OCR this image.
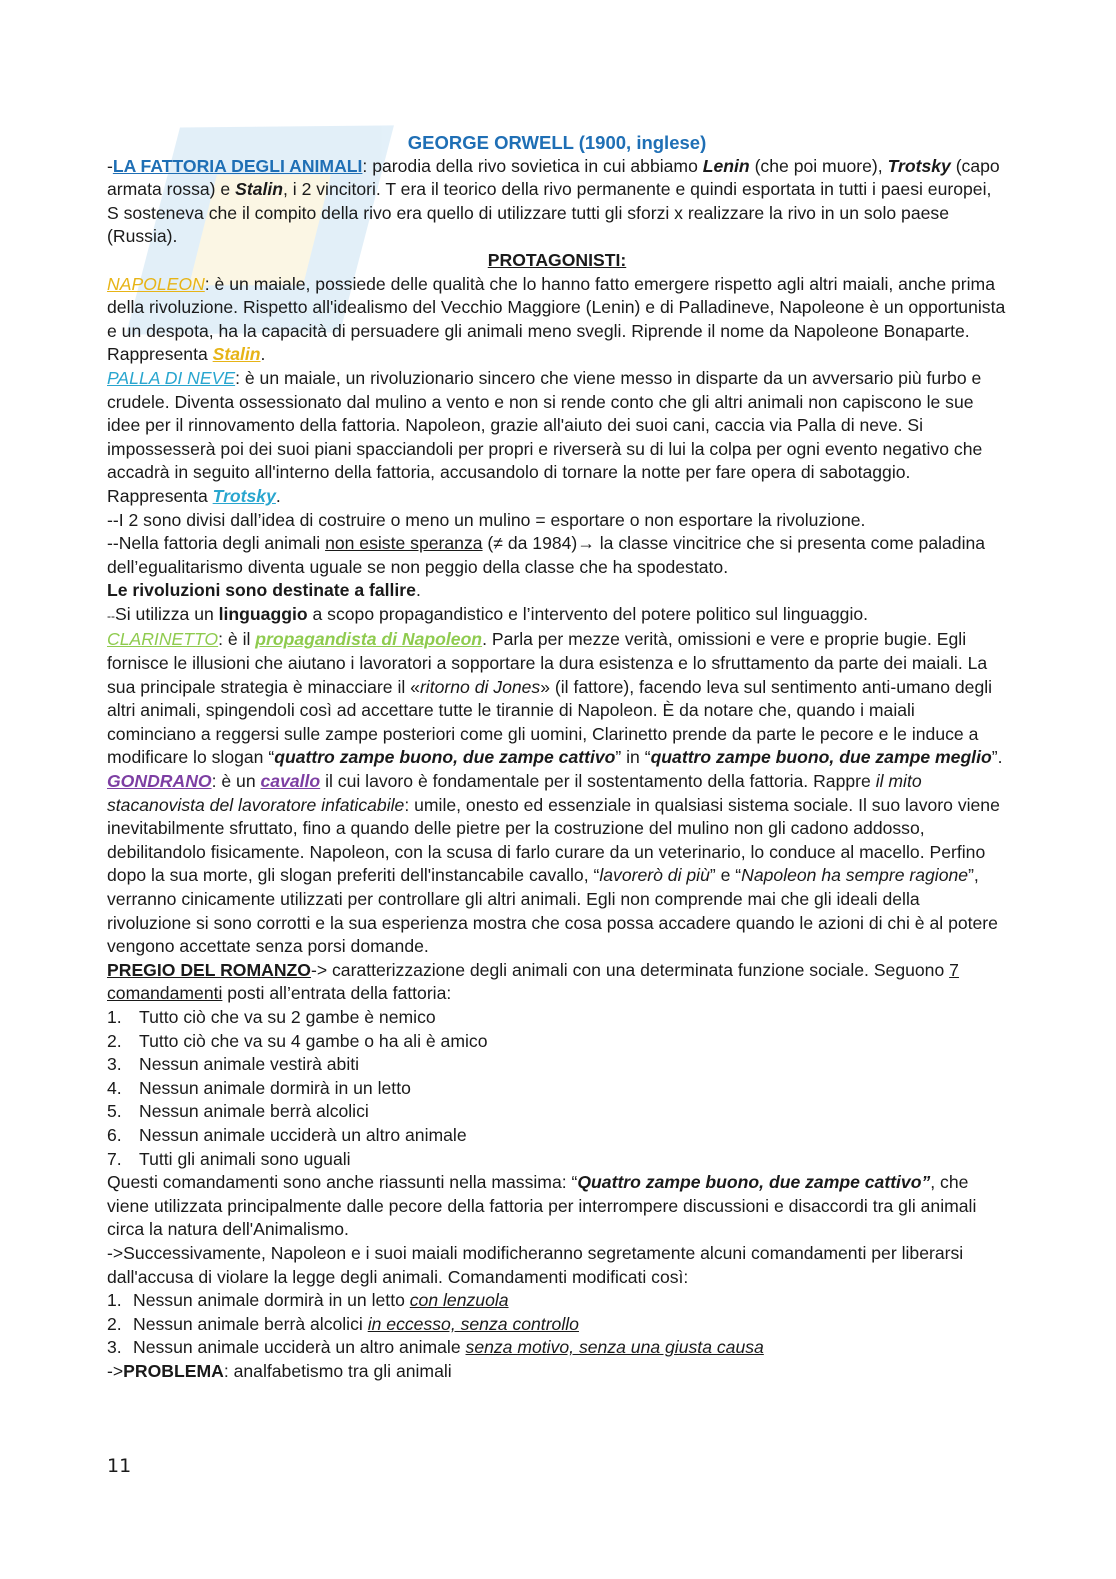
GEORGE ORWELL (1900, inglese)

-LA FATTORIA DEGLI ANIMALI: parodia della rivo sovietica in cui abbiamo Lenin (che poi muore), Trotsky (capo armata rossa) e Stalin, i 2 vincitori. T era il teorico della rivo permanente e quindi esportata in tutti i paesi europei, S sosteneva che il compito della rivo era quello di utilizzare tutti gli sforzi x realizzare la rivo in un solo paese (Russia).

PROTAGONISTI:

NAPOLEON: è un maiale, possiede delle qualità che lo hanno fatto emergere rispetto agli altri maiali, anche prima della rivoluzione. Rispetto all'idealismo del Vecchio Maggiore (Lenin) e di Palladineve, Napoleone è un opportunista e un despota, ha la capacità di persuadere gli animali meno svegli. Riprende il nome da Napoleone Bonaparte. Rappresenta Stalin.

PALLA DI NEVE: è un maiale, un rivoluzionario sincero che viene messo in disparte da un avversario più furbo e crudele. Diventa ossessionato dal mulino a vento e non si rende conto che gli altri animali non capiscono le sue idee per il rinnovamento della fattoria. Napoleon, grazie all'aiuto dei suoi cani, caccia via Palla di neve. Si impossesserà poi dei suoi piani spacciandoli per propri e riverserà su di lui la colpa per ogni evento negativo che accadrà in seguito all'interno della fattoria, accusandolo di tornare la notte per fare opera di sabotaggio. Rappresenta Trotsky.

--I 2 sono divisi dall’idea di costruire o meno un mulino = esportare o non esportare la rivoluzione.

--Nella fattoria degli animali non esiste speranza (≠ da 1984)→ la classe vincitrice che si presenta come paladina dell’egualitarismo diventa uguale se non peggio della classe che ha spodestato.
Le rivoluzioni sono destinate a fallire.

--Si utilizza un linguaggio a scopo propagandistico e l’intervento del potere politico sul linguaggio.

CLARINETTO: è il propagandista di Napoleon. Parla per mezze verità, omissioni e vere e proprie bugie. Egli fornisce le illusioni che aiutano i lavoratori a sopportare la dura esistenza e lo sfruttamento da parte dei maiali. La sua principale strategia è minacciare il «ritorno di Jones» (il fattore), facendo leva sul sentimento anti-umano degli altri animali, spingendoli così ad accettare tutte le tirannie di Napoleon. È da notare che, quando i maiali cominciano a reggersi sulle zampe posteriori come gli uomini, Clarinetto prende da parte le pecore e le induce a modificare lo slogan “quattro zampe buono, due zampe cattivo” in “quattro zampe buono, due zampe meglio”.

GONDRANO: è un cavallo il cui lavoro è fondamentale per il sostentamento della fattoria. Rappre il mito stacanovista del lavoratore infaticabile: umile, onesto ed essenziale in qualsiasi sistema sociale. Il suo lavoro viene inevitabilmente sfruttato, fino a quando delle pietre per la costruzione del mulino non gli cadono addosso, debilitandolo fisicamente. Napoleon, con la scusa di farlo curare da un veterinario, lo conduce al macello. Perfino dopo la sua morte, gli slogan preferiti dell'instancabile cavallo, “lavorerò di più” e “Napoleon ha sempre ragione”, verranno cinicamente utilizzati per controllare gli altri animali. Egli non comprende mai che gli ideali della rivoluzione si sono corrotti e la sua esperienza mostra che cosa possa accadere quando le azioni di chi è al potere vengono accettate senza porsi domande.

PREGIO DEL ROMANZO-> caratterizzazione degli animali con una determinata funzione sociale. Seguono 7 comandamenti posti all’entrata della fattoria:

1. Tutto ciò che va su 2 gambe è nemico
2. Tutto ciò che va su 4 gambe o ha ali è amico
3. Nessun animale vestirà abiti
4. Nessun animale dormirà in un letto
5. Nessun animale berrà alcolici
6. Nessun animale ucciderà un altro animale
7. Tutti gli animali sono uguali

Questi comandamenti sono anche riassunti nella massima: “Quattro zampe buono, due zampe cattivo”, che viene utilizzata principalmente dalle pecore della fattoria per interrompere discussioni e disaccordi tra gli animali circa la natura dell'Animalismo.

->Successivamente, Napoleon e i suoi maiali modificheranno segretamente alcuni comandamenti per liberarsi dall'accusa di violare la legge degli animali. Comandamenti modificati così:

1. Nessun animale dormirà in un letto con lenzuola
2. Nessun animale berrà alcolici in eccesso, senza controllo
3. Nessun animale ucciderà un altro animale senza motivo, senza una giusta causa

->PROBLEMA: analfabetismo tra gli animali

11
